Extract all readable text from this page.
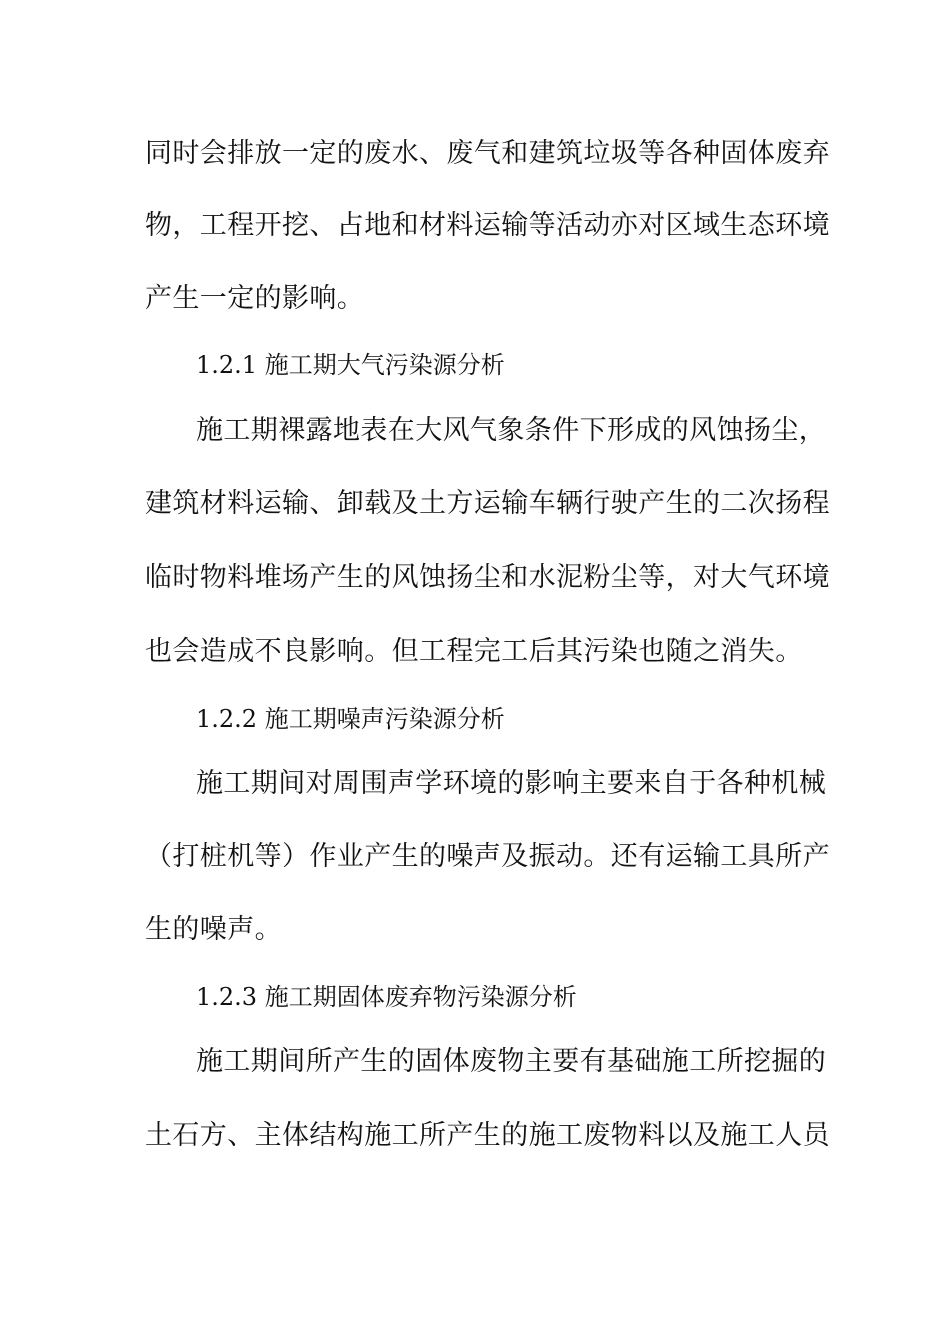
同时会排放一定的废水、废气和建筑垃圾等各种固体废弃
物，工程开挖、占地和材料运输等活动亦对区域生态环境
产生一定的影响。
1.2.1 施工期大气污染源分析
施工期裸露地表在大风气象条件下形成的风蚀扬尘，
建筑材料运输、卸载及土方运输车辆行驶产生的二次扬程
临时物料堆场产生的风蚀扬尘和水泥粉尘等，对大气环境
也会造成不良影响。但工程完工后其污染也随之消失。
1.2.2 施工期噪声污染源分析
施工期间对周围声学环境的影响主要来自于各种机械
（打桩机等）作业产生的噪声及振动。还有运输工具所产
生的噪声。
1.2.3 施工期固体废弃物污染源分析
施工期间所产生的固体废物主要有基础施工所挖掘的
土石方、主体结构施工所产生的施工废物料以及施工人员
